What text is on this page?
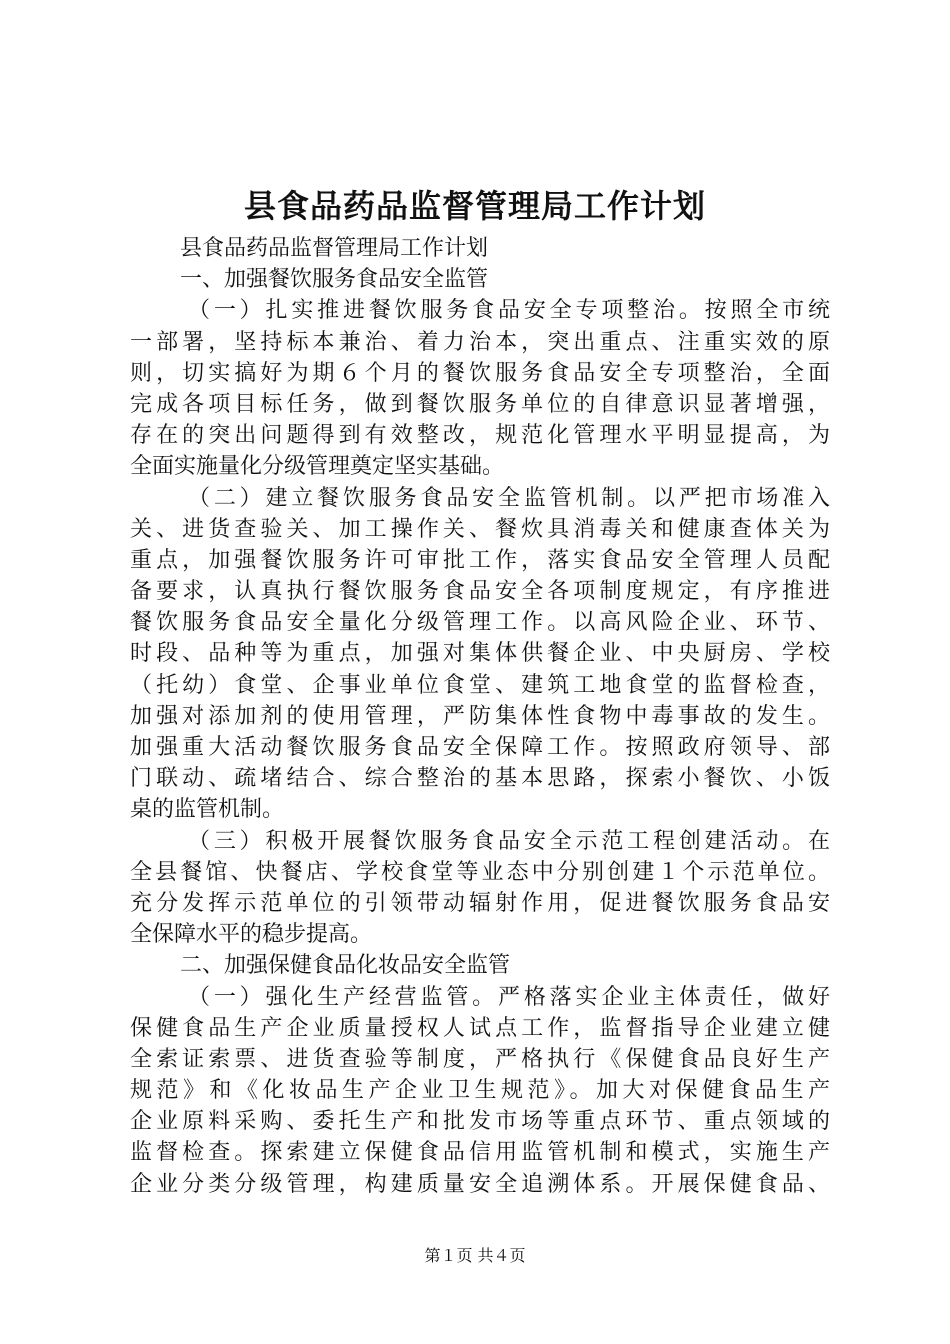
县食品药品监督管理局工作计划
县食品药品监督管理局工作计划
一、加强餐饮服务食品安全监管
（一）扎实推进餐饮服务食品安全专项整治。按照全市统
一部署，坚持标本兼治、着力治本，突出重点、注重实效的原
则，切实搞好为期６个月的餐饮服务食品安全专项整治，全面
完成各项目标任务，做到餐饮服务单位的自律意识显著增强，
存在的突出问题得到有效整改，规范化管理水平明显提高，为
全面实施量化分级管理奠定坚实基础。
（二）建立餐饮服务食品安全监管机制。以严把市场准入
关、进货查验关、加工操作关、餐炊具消毒关和健康查体关为
重点，加强餐饮服务许可审批工作，落实食品安全管理人员配
备要求，认真执行餐饮服务食品安全各项制度规定，有序推进
餐饮服务食品安全量化分级管理工作。以高风险企业、环节、
时段、品种等为重点，加强对集体供餐企业、中央厨房、学校
（托幼）食堂、企事业单位食堂、建筑工地食堂的监督检查，
加强对添加剂的使用管理，严防集体性食物中毒事故的发生。
加强重大活动餐饮服务食品安全保障工作。按照政府领导、部
门联动、疏堵结合、综合整治的基本思路，探索小餐饮、小饭
桌的监管机制。
（三）积极开展餐饮服务食品安全示范工程创建活动。在
全县餐馆、快餐店、学校食堂等业态中分别创建１个示范单位。
充分发挥示范单位的引领带动辐射作用，促进餐饮服务食品安
全保障水平的稳步提高。
二、加强保健食品化妆品安全监管
（一）强化生产经营监管。严格落实企业主体责任，做好
保健食品生产企业质量授权人试点工作，监督指导企业建立健
全索证索票、进货查验等制度，严格执行《保健食品良好生产
规范》和《化妆品生产企业卫生规范》。加大对保健食品生产
企业原料采购、委托生产和批发市场等重点环节、重点领域的
监督检查。探索建立保健食品信用监管机制和模式，实施生产
企业分类分级管理，构建质量安全追溯体系。开展保健食品、
第１页 共４页
